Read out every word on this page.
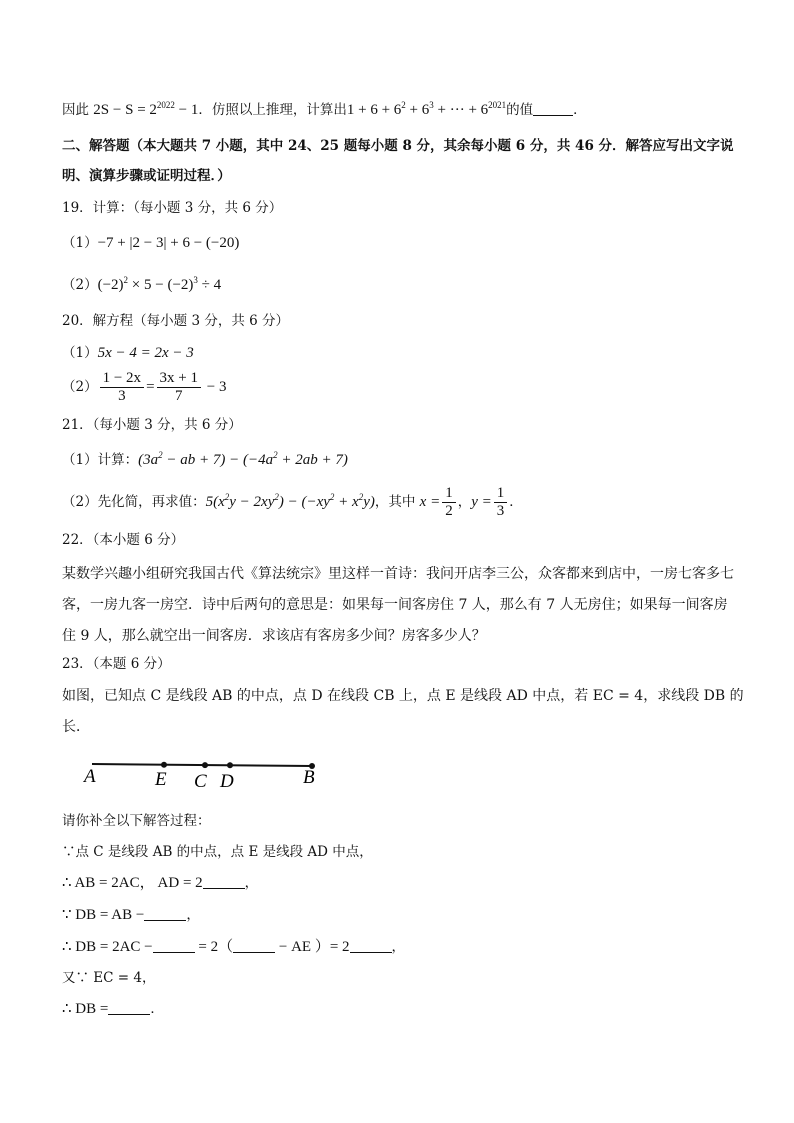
因此 $2S - S = 2^{2022} - 1$．仿照以上推理，计算出$1 + 6 + 6^2 + 6^3$ + ··· + $6^{2021}$的值	．
二、解答题（本大题共 7 小题，其中 24、25 题每小题 8 分，其余每小题 6 分，共 46 分．解答应写出文字说
明、演算步骤或证明过程．）
19．计算：（每小题 3 分，共 6 分）
（1）−7 + |2 − 3| + 6 − (−20)
$(2)(-2)^2 \times 5 - (-2)^3 \div 4$
20．解方程（每小题 3 分，共 6 分）
（1）5x − 4 = 2x − 3
$(2) \frac{1 - 2x}{3} = \frac{3x + 1}{7} - 3$
21．（每小题 3 分，共 6 分）
（1）计算：($3a^2$ − ab + $7) - (-4a^2 + 2ab + 7)$
（2）先化简，再求值：$5(x^2y - 2xy^2) - (-xy^2 + x^2y)$，其中 $x = \frac{1}{2}$ ，$y = \frac{1}{3}$ ．
22．（本小题 6 分）
某数学兴趣小组研究我国古代《算法统宗》里这样一首诗：我问开店李三公，众客都来到店中，一房七客多七客，一房九客一房空．诗中后两句的意思是：如果每一间客房住 7 人，那么有 7 人无房住；如果每一间客房住 9 人，那么就空出一间客房．求该店有客房多少间？房客多少人？
23．（本题 6 分）
如图，已知点 C 是线段 AB 的中点，点 D 在线段 CB 上，点 E 是线段 AD 中点，若 EC = 4，求线段 DB 的
长．
A	E C D	B
请你补全以下解答过程：
∵点 C 是线段 AB 的中点，点 E 是线段 AD 中点，
∴ AB = 2AC， AD = 2	，
∵ DB = AB −	，
∴ DB = 2AC −	= 2（	− AE ）= 2	，
又∵ EC = 4，
∴ DB =	．
